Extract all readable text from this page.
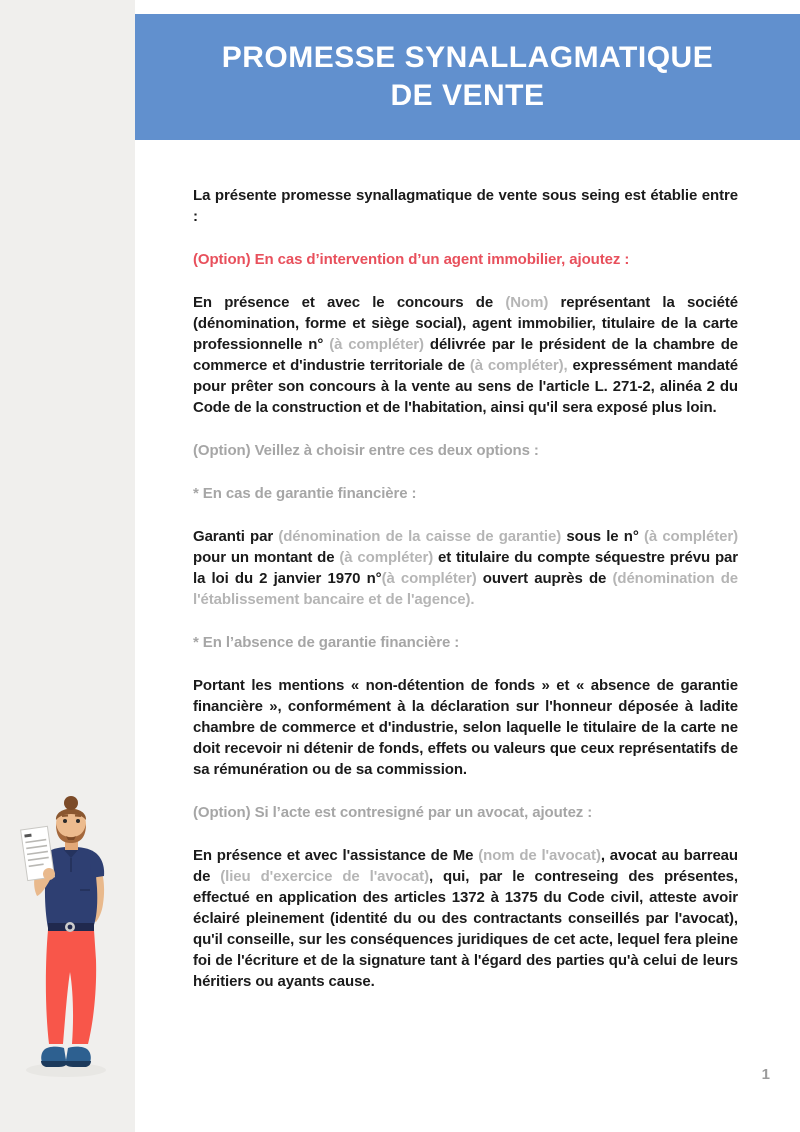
PROMESSE SYNALLAGMATIQUE
DE VENTE

La présente promesse synallagmatique de vente sous seing est établie entre :

(Option) En cas d’intervention d’un agent immobilier, ajoutez :

En présence et avec le concours de (Nom) représentant la société (dénomination, forme et siège social), agent immobilier, titulaire de la carte professionnelle n° (à compléter) délivrée par le président de la chambre de commerce et d'industrie territoriale de (à compléter), expressément mandaté pour prêter son concours à la vente au sens de l'article L. 271-2, alinéa 2 du Code de la construction et de l'habitation, ainsi qu'il sera exposé plus loin.

(Option) Veillez à choisir entre ces deux options :

* En cas de garantie financière :

Garanti par (dénomination de la caisse de garantie) sous le n° (à compléter) pour un montant de (à compléter) et titulaire du compte séquestre prévu par la loi du 2 janvier 1970 n°(à compléter) ouvert auprès de (dénomination de l'établissement bancaire et de l'agence).

* En l’absence de garantie financière :

Portant les mentions « non-détention de fonds » et « absence de garantie financière », conformément à la déclaration sur l'honneur déposée à ladite chambre de commerce et d'industrie, selon laquelle le titulaire de la carte ne doit recevoir ni détenir de fonds, effets ou valeurs que ceux représentatifs de sa rémunération ou de sa commission.

(Option) Si l’acte est contresigné par un avocat, ajoutez :

En présence et avec l'assistance de Me (nom de l'avocat), avocat au barreau de (lieu d'exercice de l'avocat), qui, par le contreseing des présentes, effectué en application des articles 1372 à 1375 du Code civil, atteste avoir éclairé pleinement (identité du ou des contractants conseillés par l'avocat), qu'il conseille, sur les conséquences juridiques de cet acte, lequel fera pleine foi de l'écriture et de la signature tant à l'égard des parties qu'à celui de leurs héritiers ou ayants cause.

1
